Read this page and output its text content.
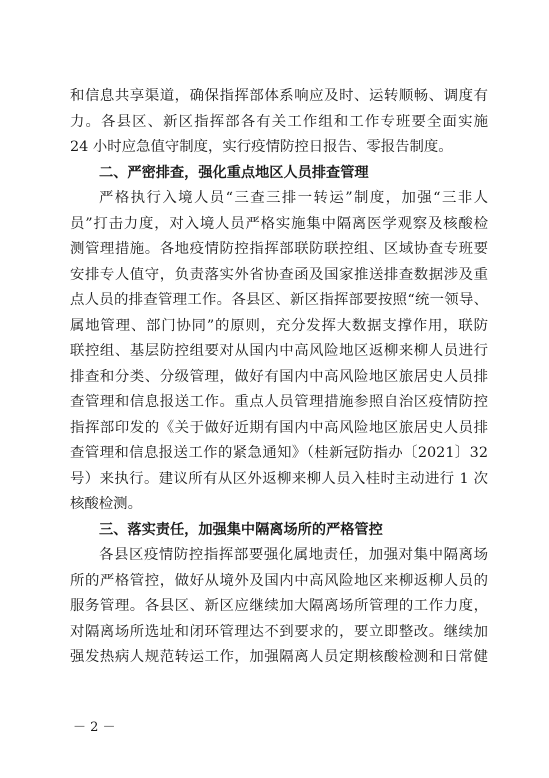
和信息共享渠道，确保指挥部体系响应及时、运转顺畅、调度有
力。各县区、新区指挥部各有关工作组和工作专班要全面实施
24 小时应急值守制度，实行疫情防控日报告、零报告制度。
二、严密排查，强化重点地区人员排查管理
严格执行入境人员“三查三排一转运”制度，加强“三非人
员”打击力度，对入境人员严格实施集中隔离医学观察及核酸检
测管理措施。各地疫情防控指挥部联防联控组、区域协查专班要
安排专人值守，负责落实外省协查函及国家推送排查数据涉及重
点人员的排查管理工作。各县区、新区指挥部要按照“统一领导、
属地管理、部门协同”的原则，充分发挥大数据支撑作用，联防
联控组、基层防控组要对从国内中高风险地区返柳来柳人员进行
排查和分类、分级管理，做好有国内中高风险地区旅居史人员排
查管理和信息报送工作。重点人员管理措施参照自治区疫情防控
指挥部印发的《关于做好近期有国内中高风险地区旅居史人员排
查管理和信息报送工作的紧急通知》（桂新冠防指办〔2021〕32
号）来执行。建议所有从区外返柳来柳人员入桂时主动进行 1 次
核酸检测。
三、落实责任，加强集中隔离场所的严格管控
各县区疫情防控指挥部要强化属地责任，加强对集中隔离场
所的严格管控，做好从境外及国内中高风险地区来柳返柳人员的
服务管理。各县区、新区应继续加大隔离场所管理的工作力度，
对隔离场所选址和闭环管理达不到要求的，要立即整改。继续加
强发热病人规范转运工作，加强隔离人员定期核酸检测和日常健
－ 2 －
